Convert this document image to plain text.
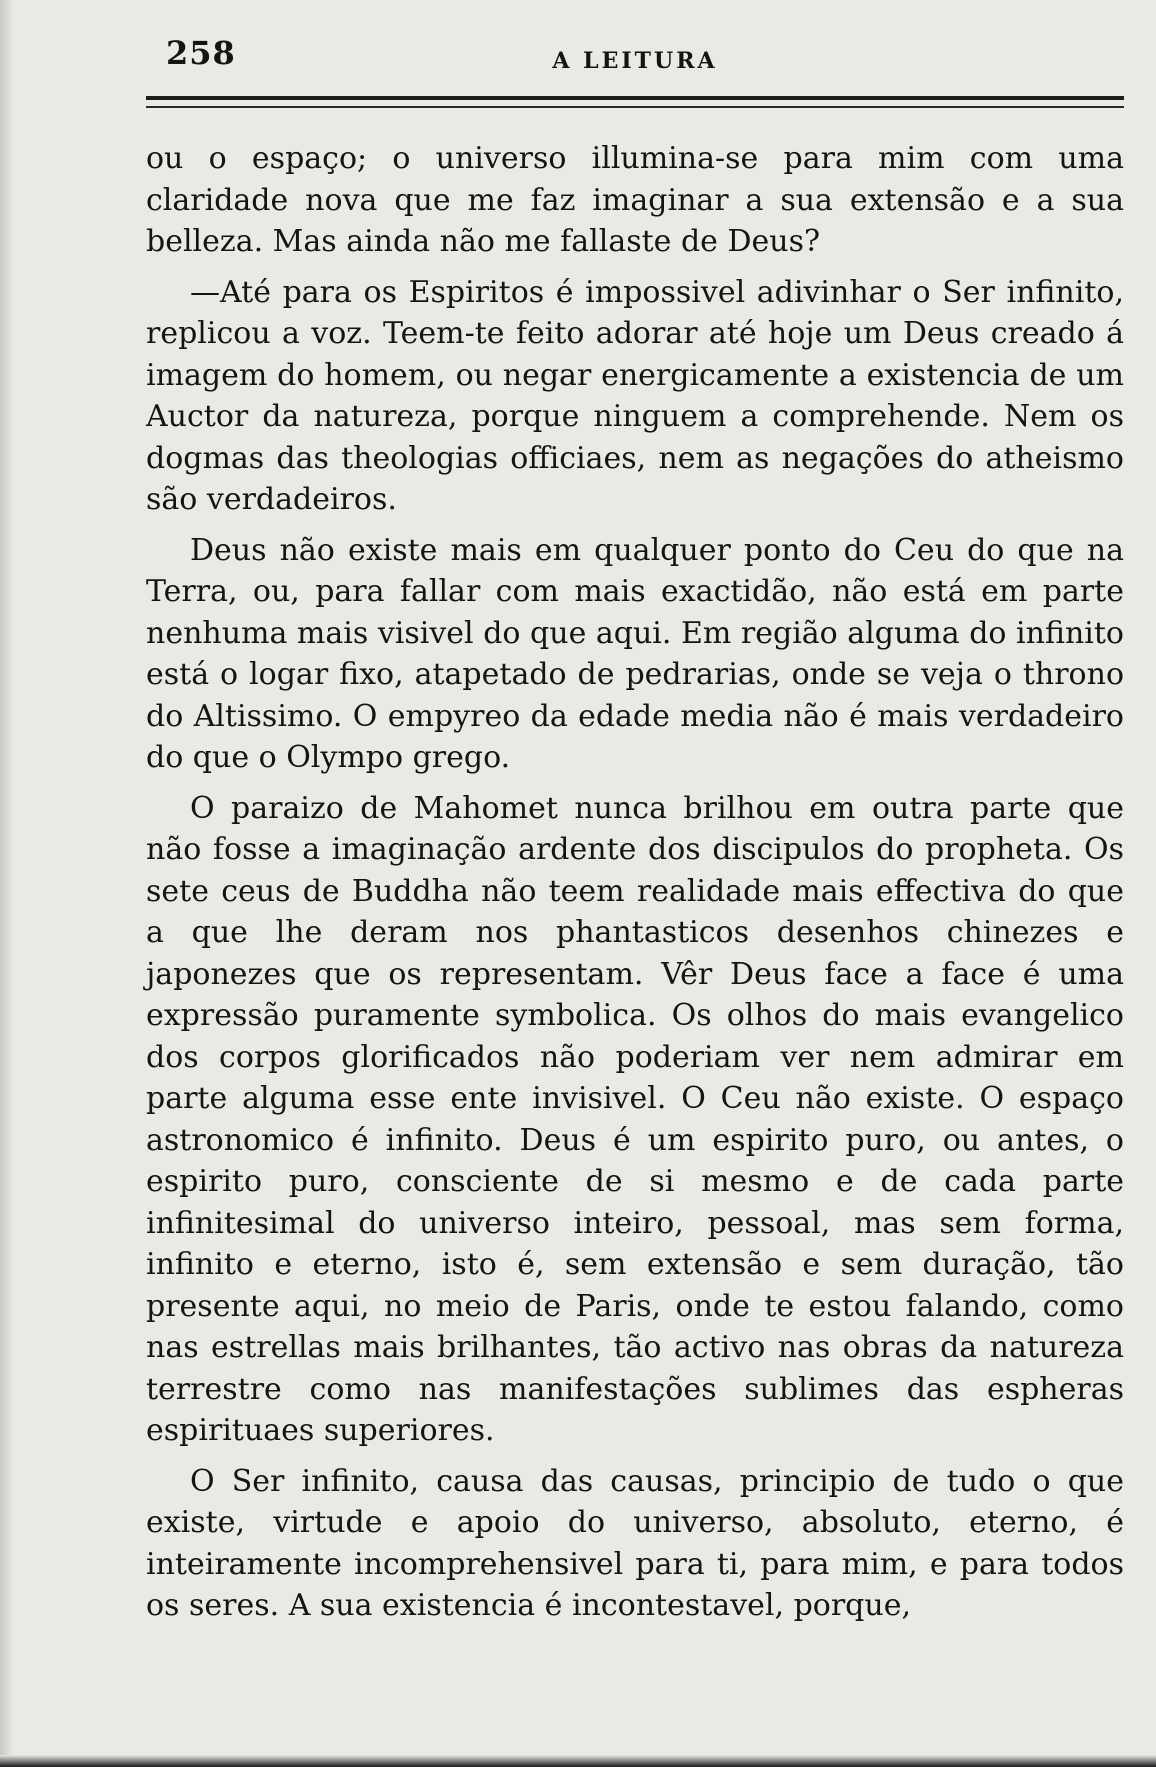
258	A LEITURA

ou o espaço; o universo illumina-se para mim com uma claridade nova que me faz imaginar a sua extensão e a sua belleza. Mas ainda não me fallaste de Deus?

—Até para os Espiritos é impossivel adivinhar o Ser infinito, replicou a voz. Teem-te feito adorar até hoje um Deus creado á imagem do homem, ou negar energicamente a existencia de um Auctor da natureza, porque ninguem a comprehende. Nem os dogmas das theologias officiaes, nem as negações do atheismo são verdadeiros.

Deus não existe mais em qualquer ponto do Ceu do que na Terra, ou, para fallar com mais exactidão, não está em parte nenhuma mais visivel do que aqui. Em região alguma do infinito está o logar fixo, atapetado de pedrarias, onde se veja o throno do Altissimo. O empyreo da edade media não é mais verdadeiro do que o Olympo grego.

O paraizo de Mahomet nunca brilhou em outra parte que não fosse a imaginação ardente dos discipulos do propheta. Os sete ceus de Buddha não teem realidade mais effectiva do que a que lhe deram nos phantasticos desenhos chinezes e japonezes que os representam. Vêr Deus face a face é uma expressão puramente symbolica. Os olhos do mais evangelico dos corpos glorificados não poderiam ver nem admirar em parte alguma esse ente invisivel. O Ceu não existe. O espaço astronomico é infinito. Deus é um espirito puro, ou antes, o espirito puro, consciente de si mesmo e de cada parte infinitesimal do universo inteiro, pessoal, mas sem forma, infinito e eterno, isto é, sem extensão e sem duração, tão presente aqui, no meio de Paris, onde te estou falando, como nas estrellas mais brilhantes, tão activo nas obras da natureza terrestre como nas manifestações sublimes das espheras espirituaes superiores.

O Ser infinito, causa das causas, principio de tudo o que existe, virtude e apoio do universo, absoluto, eterno, é inteiramente incomprehensivel para ti, para mim, e para todos os seres. A sua existencia é incontestavel, porque,
